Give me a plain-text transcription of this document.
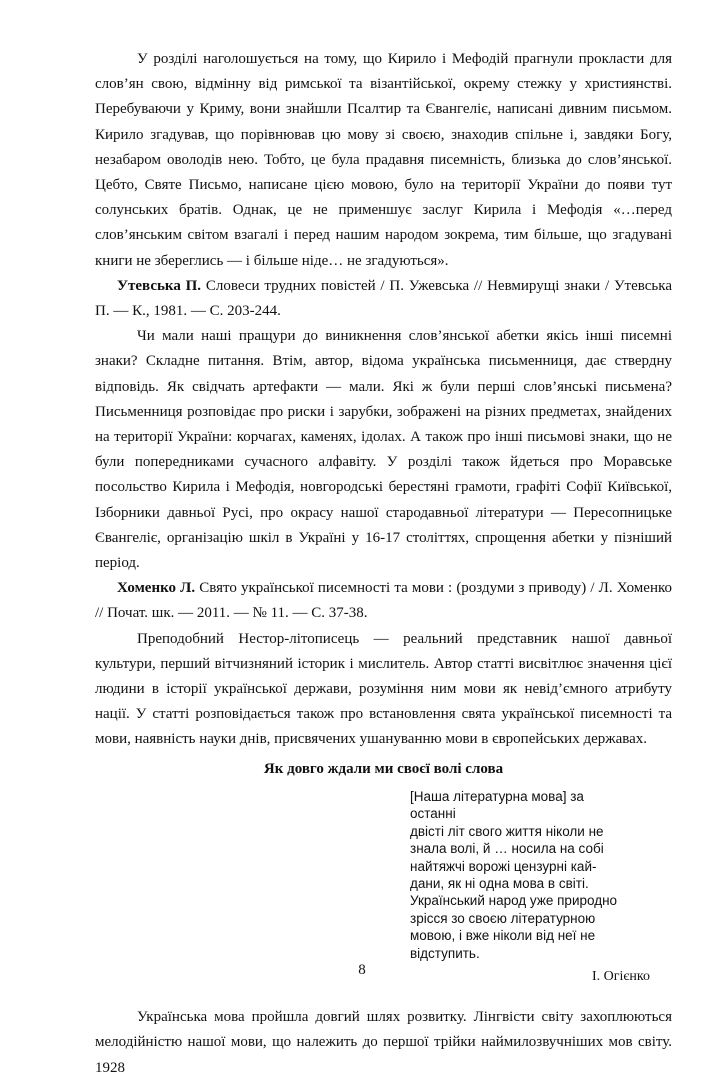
У розділі наголошується на тому, що Кирило і Мефодій прагнули прокласти для слов’ян свою, відмінну від римської та візантійської, окрему стежку у християнстві. Перебуваючи у Криму, вони знайшли Псалтир та Євангеліє, написані дивним письмом. Кирило згадував, що порівнював цю мову зі своєю, знаходив спільне і, завдяки Богу, незабаром оволодів нею. Тобто, це була прадавня писемність, близька до слов’янської. Цебто, Святе Письмо, написане цією мовою, було на території України до появи тут солунських братів. Однак, це не применшує заслуг Кирила і Мефодія «…перед слов’янським світом взагалі і перед нашим народом зокрема, тим більше, що згадувані книги не збереглись — і більше ніде… не згадуються».

Утевська П. Словеси трудних повістей / П. Ужевська // Невмирущі знаки / Утевська П. — К., 1981. — С. 203-244.

Чи мали наші пращури до виникнення слов’янської абетки якісь інші писемні знаки? Складне питання. Втім, автор, відома українська письменниця, дає ствердну відповідь. Як свідчать артефакти — мали. Які ж були перші слов’янські письмена? Письменниця розповідає про риски і зарубки, зображені на різних предметах, знайдених на території України: корчагах, каменях, ідолах. А також про інші письмові знаки, що не були попередниками сучасного алфавіту. У розділі також йдеться про Моравське посольство Кирила і Мефодія, новгородські берестяні грамоти, графіті Софії Київської, Ізборники давньої Русі, про окрасу нашої стародавньої літератури — Пересопницьке Євангеліє, організацію шкіл в Україні у 16-17 століттях, спрощення абетки у пізніший період.

Хоменко Л. Свято української писемності та мови : (роздуми з приводу) / Л. Хоменко // Почат. шк. — 2011. — № 11. — С. 37-38.

Преподобний Нестор-літописець — реальний представник нашої давньої культури, перший вітчизняний історик і мислитель. Автор статті висвітлює значення цієї людини в історії української держави, розуміння ним мови як невід’ємного атрибуту нації. У статті розповідається також про встановлення свята української писемності та мови, наявність науки днів, присвячених ушануванню мови в європейських державах.

Як довго ждали ми своєї волі слова

[Наша літературна мова] за останні
двісті літ свого життя ніколи не
знала волі, й … носила на собі
найтяжчі ворожі цензурні кай-
дани, як ні одна мова в світі.
Український народ уже природно
зрісся зо своєю літературною
мовою, і вже ніколи від неї не
відступить.
І. Огієнко

Українська мова пройшла довгий шлях розвитку. Лінгвісти світу захоплюються мелодійністю нашої мови, що належить до першої трійки наймилозвучніших мов світу. 1928

8
